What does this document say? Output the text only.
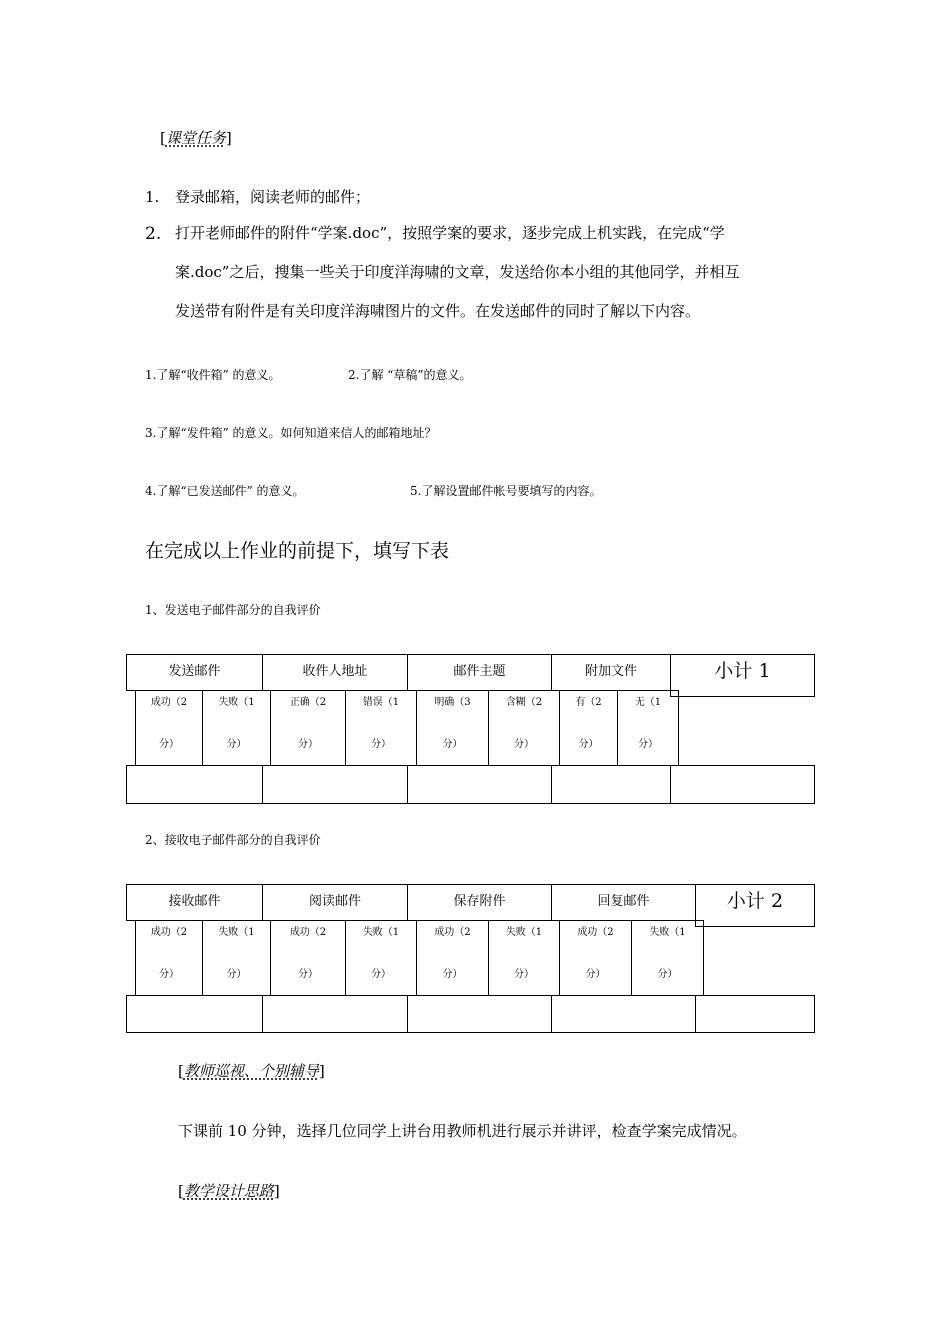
[课堂任务]
1. 登录邮箱，阅读老师的邮件；
2. 打开老师邮件的附件“学案.doc”，按照学案的要求，逐步完成上机实践，在完成“学
案.doc”之后，搜集一些关于印度洋海啸的文章，发送给你本小组的其他同学，并相互
发送带有附件是有关印度洋海啸图片的文件。在发送邮件的同时了解以下内容。
1.了解“收件箱” 的意义。	2.了解 “草稿”的意义。
3.了解“发件箱” 的意义。如何知道来信人的邮箱地址？
4.了解“已发送邮件” 的意义。	5.了解设置邮件帐号要填写的内容。
在完成以上作业的前提下，填写下表
1、发送电子邮件部分的自我评价
发送邮件	收件人地址	邮件主题	附加文件	小计 1
成功（2	失败（1	正确（2	错误（1	明确（3	含糊（2	有（2	无（1
分）	分）	分）	分）	分）	分）	分）	分）
2、接收电子邮件部分的自我评价
接收邮件	阅读邮件	保存附件	回复邮件	小计 2
成功（2	失败（1	成功（2	失败（1	成功（2	失败（1	成功（2	失败（1
分）	分）	分）	分）	分）	分）	分）	分）
[教师巡视、个别辅导]
下课前 10 分钟，选择几位同学上讲台用教师机进行展示并讲评，检查学案完成情况。
[教学设计思路]
